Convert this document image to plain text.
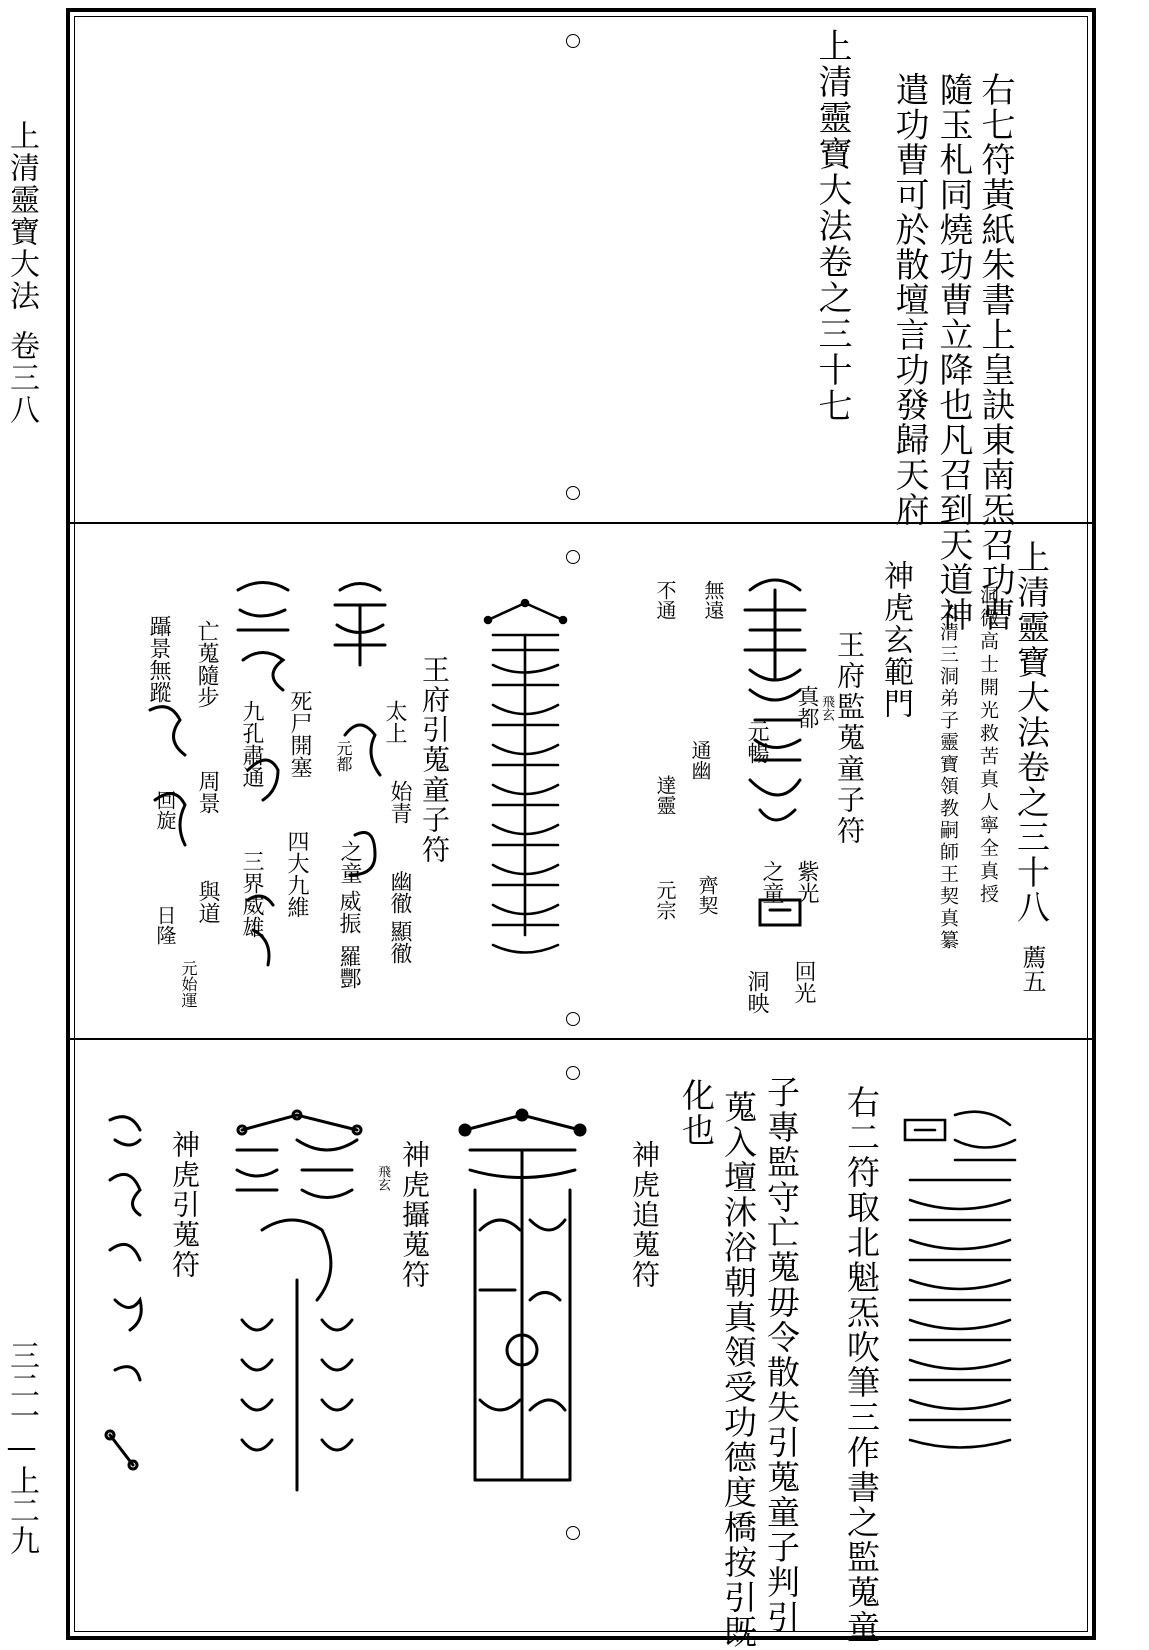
上清靈寶大法
卷三八
三二一—上二九
上清靈寶大法卷之三十七	右七符黃紙朱書上皇訣東南炁召功曹
隨玉札同燒功曹立降也凡召到天道神
遣功曹可於散壇言功發歸天府
上清靈寶大法卷之三十八
洞微高士開光救苦真人寧全真授
上清三洞弟子靈寶領教嗣師王契真纂
薦五
神虎玄範門
王府監蒐童子符
真都
紫光
元暢
之童
回光
洞映
無遠
不通
通幽
達靈
齊契
元宗
飛玄
王府引蒐童子符
太上
始青
幽徹
顯徹
元都
之童
威振
羅酆
死尸開塞
九孔肅通
四大九維
三界威雄
亡蒐隨步
周景
與道
躡景無蹤
回旋
日隆
元始運
右二符取北魁炁吹筆三作書之監蒐童
子專監守亡蒐毋令散失引蒐童子判引
蒐入壇沐浴朝真領受功德度橋按引既
化也
神虎追蒐符
神虎攝蒐符
飛玄
神虎引蒐符
